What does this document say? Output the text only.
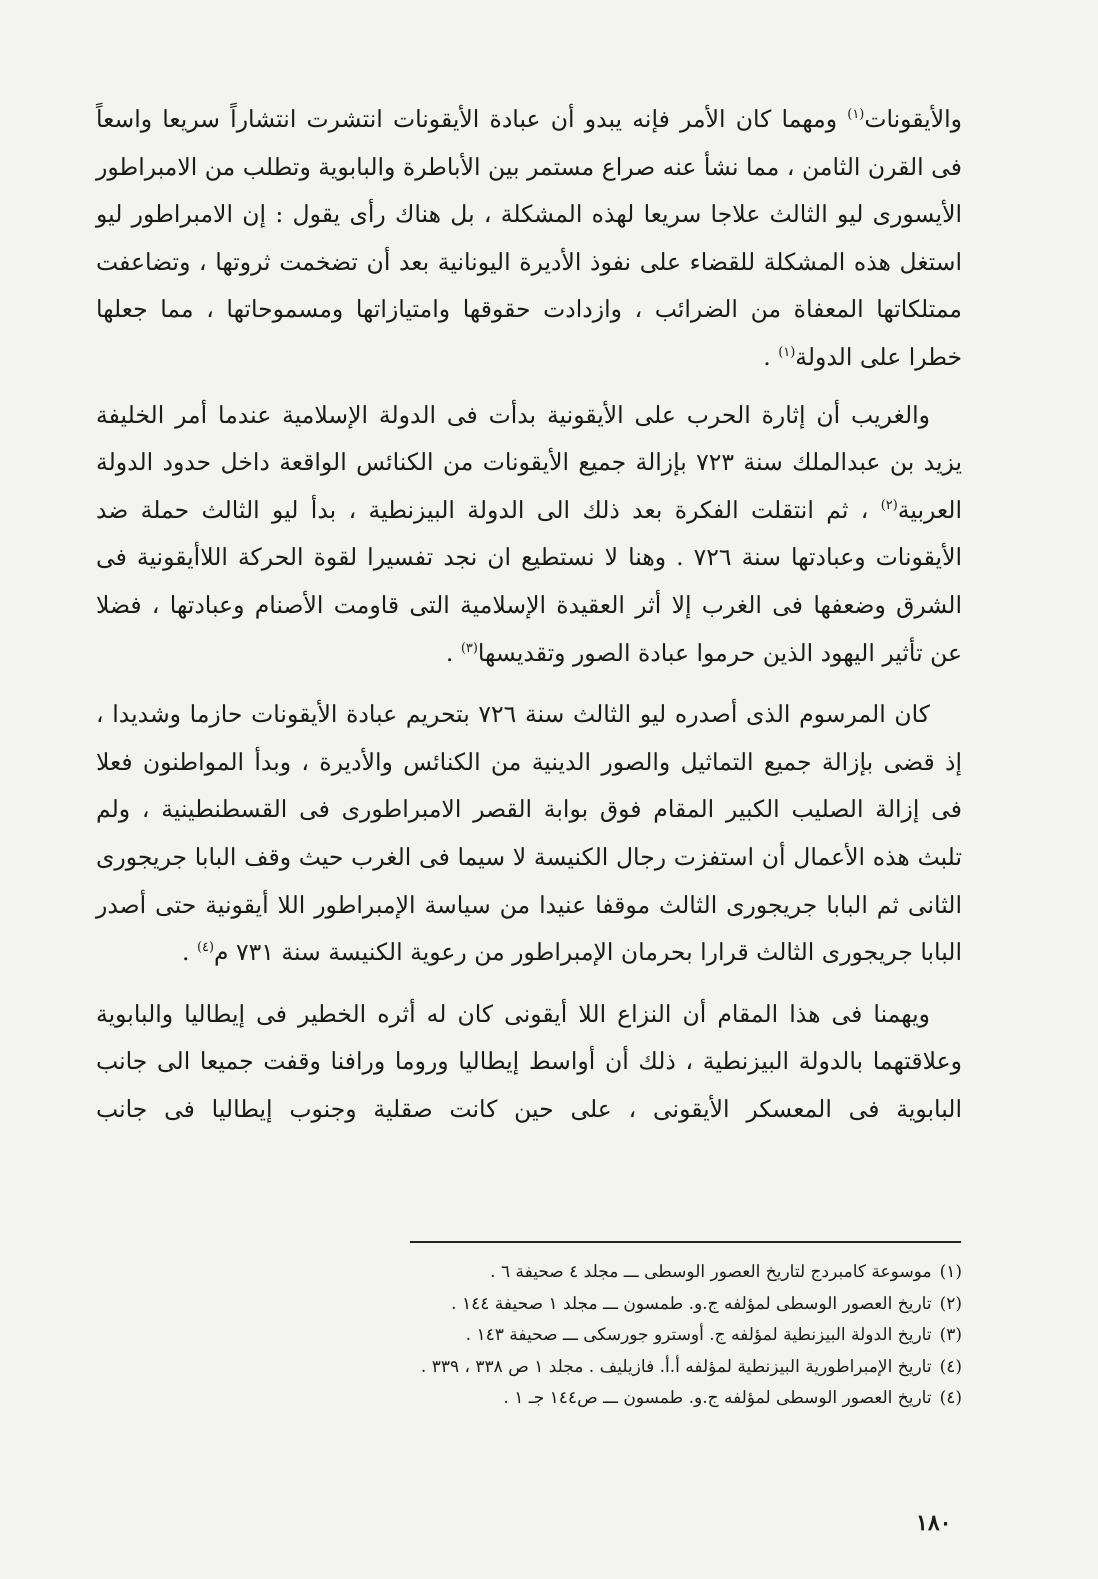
والأيقونات$^{(١)}$ ومهما كان الأمر فإنه يبدو أن عبادة الأيقونات انتشرت انتشاراً سريعا واسعاً فى القرن الثامن ، مما نشأ عنه صراع مستمر بين الأباطرة والبابوية وتطلب من الامبراطور الأيسورى ليو الثالث علاجا سريعا لهذه المشكلة ، بل هناك رأى يقول : إن الامبراطور ليو استغل هذه المشكلة للقضاء على نفوذ الأديرة اليونانية بعد أن تضخمت ثروتها ، وتضاعفت ممتلكاتها المعفاة من الضرائب ، وازدادت حقوقها وامتيازاتها ومسموحاتها ، مما جعلها خطرا على الدولة$^{(١)}$ .

والغريب أن إثارة الحرب على الأيقونية بدأت فى الدولة الإسلامية عندما أمر الخليفة يزيد بن عبدالملك سنة ٧٢٣ بإزالة جميع الأيقونات من الكنائس الواقعة داخل حدود الدولة العربية$^{(٢)}$ ، ثم انتقلت الفكرة بعد ذلك الى الدولة البيزنطية ، بدأ ليو الثالث حملة ضد الأيقونات وعبادتها سنة ٧٢٦ . وهنا لا نستطيع ان نجد تفسيرا لقوة الحركة اللاأيقونية فى الشرق وضعفها فى الغرب إلا أثر العقيدة الإسلامية التى قاومت الأصنام وعبادتها ، فضلا عن تأثير اليهود الذين حرموا عبادة الصور وتقديسها$^{(٣)}$ .

كان المرسوم الذى أصدره ليو الثالث سنة ٧٢٦ بتحريم عبادة الأيقونات حازما وشديدا ، إذ قضى بإزالة جميع التماثيل والصور الدينية من الكنائس والأديرة ، وبدأ المواطنون فعلا فى إزالة الصليب الكبير المقام فوق بوابة القصر الامبراطورى فى القسطنطينية ، ولم تلبث هذه الأعمال أن استفزت رجال الكنيسة لا سيما فى الغرب حيث وقف البابا جريجورى الثانى ثم البابا جريجورى الثالث موقفا عنيدا من سياسة الإمبراطور اللا أيقونية حتى أصدر البابا جريجورى الثالث قرارا بحرمان الإمبراطور من رعوية الكنيسة سنة ٧٣١ م$^{(٤)}$ .

ويهمنا فى هذا المقام أن النزاع اللا أيقونى كان له أثره الخطير فى إيطاليا والبابوية وعلاقتهما بالدولة البيزنطية ، ذلك أن أواسط إيطاليا وروما ورافنا وقفت جميعا الى جانب البابوية فى المعسكر الأيقونى ، على حين كانت صقلية وجنوب إيطاليا فى جانب

(١)موسوعة كامبردج لتاريخ العصور الوسطى ـــ مجلد ٤ صحيفة ٦ .

(٢)تاريخ العصور الوسطى لمؤلفه ج.و. طمسون ـــ مجلد ١ صحيفة ١٤٤ .

(٣)تاريخ الدولة البيزنطية لمؤلفه ج. أوسترو جورسكى ـــ صحيفة ١٤٣ .

(٤)تاريخ الإمبراطورية البيزنطية لمؤلفه أ.أ. فازيليف . مجلد ١ ص ٣٣٨ ، ٣٣٩ .

(٤)تاريخ العصور الوسطى لمؤلفه ج.و. طمسون ـــ ص١٤٤ جـ ١ .

١٨٠
